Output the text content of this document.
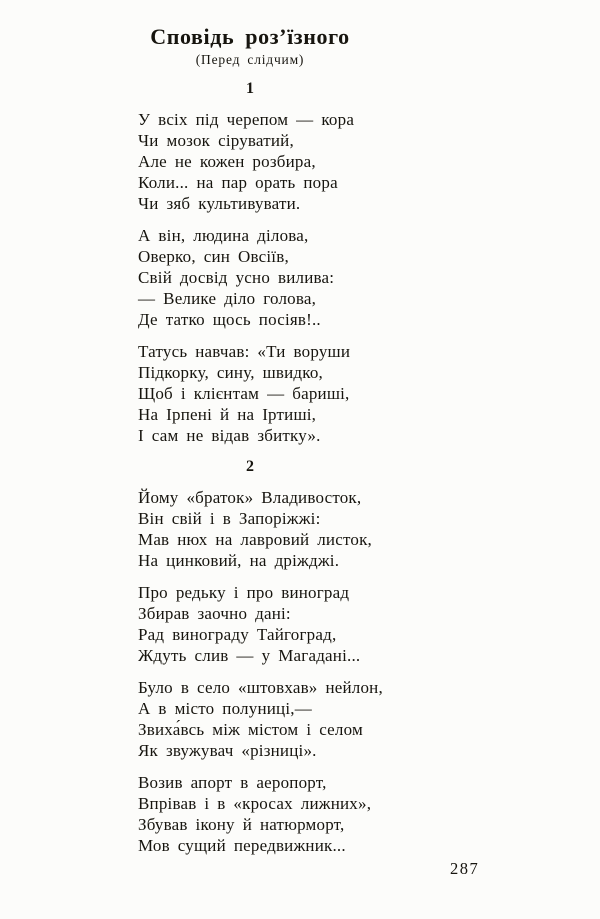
Сповідь роз’їзного
(Перед слідчим)
1
У всіх під черепом — кора
Чи мозок сіруватий,
Але не кожен розбира,
Коли... на пар орать пора
Чи зяб культивувати.
А він, людина ділова,
Оверко, син Овсіїв,
Свій досвід усно вилива:
— Велике діло голова,
Де татко щось посіяв!..
Татусь навчав: «Ти воруши
Підкорку, сину, швидко,
Щоб і клієнтам — бариші,
На Ірпені й на Іртиші,
І сам не відав збитку».
2
Йому «браток» Владивосток,
Він свій і в Запоріжжі:
Мав нюх на лавровий листок,
На цинковий, на дріжджі.
Про редьку і про виноград
Збирав заочно дані:
Рад винограду Тайгоград,
Ждуть слив — у Магадані...
Було в село «штовхав» нейлон,
А в місто полуниці,—
Звиха́всь між містом і селом
Як звужувач «різниці».
Возив апорт в аеропорт,
Впрівав і в «кросах лижних»,
Збував ікону й натюрморт,
Мов сущий передвижник...
287
